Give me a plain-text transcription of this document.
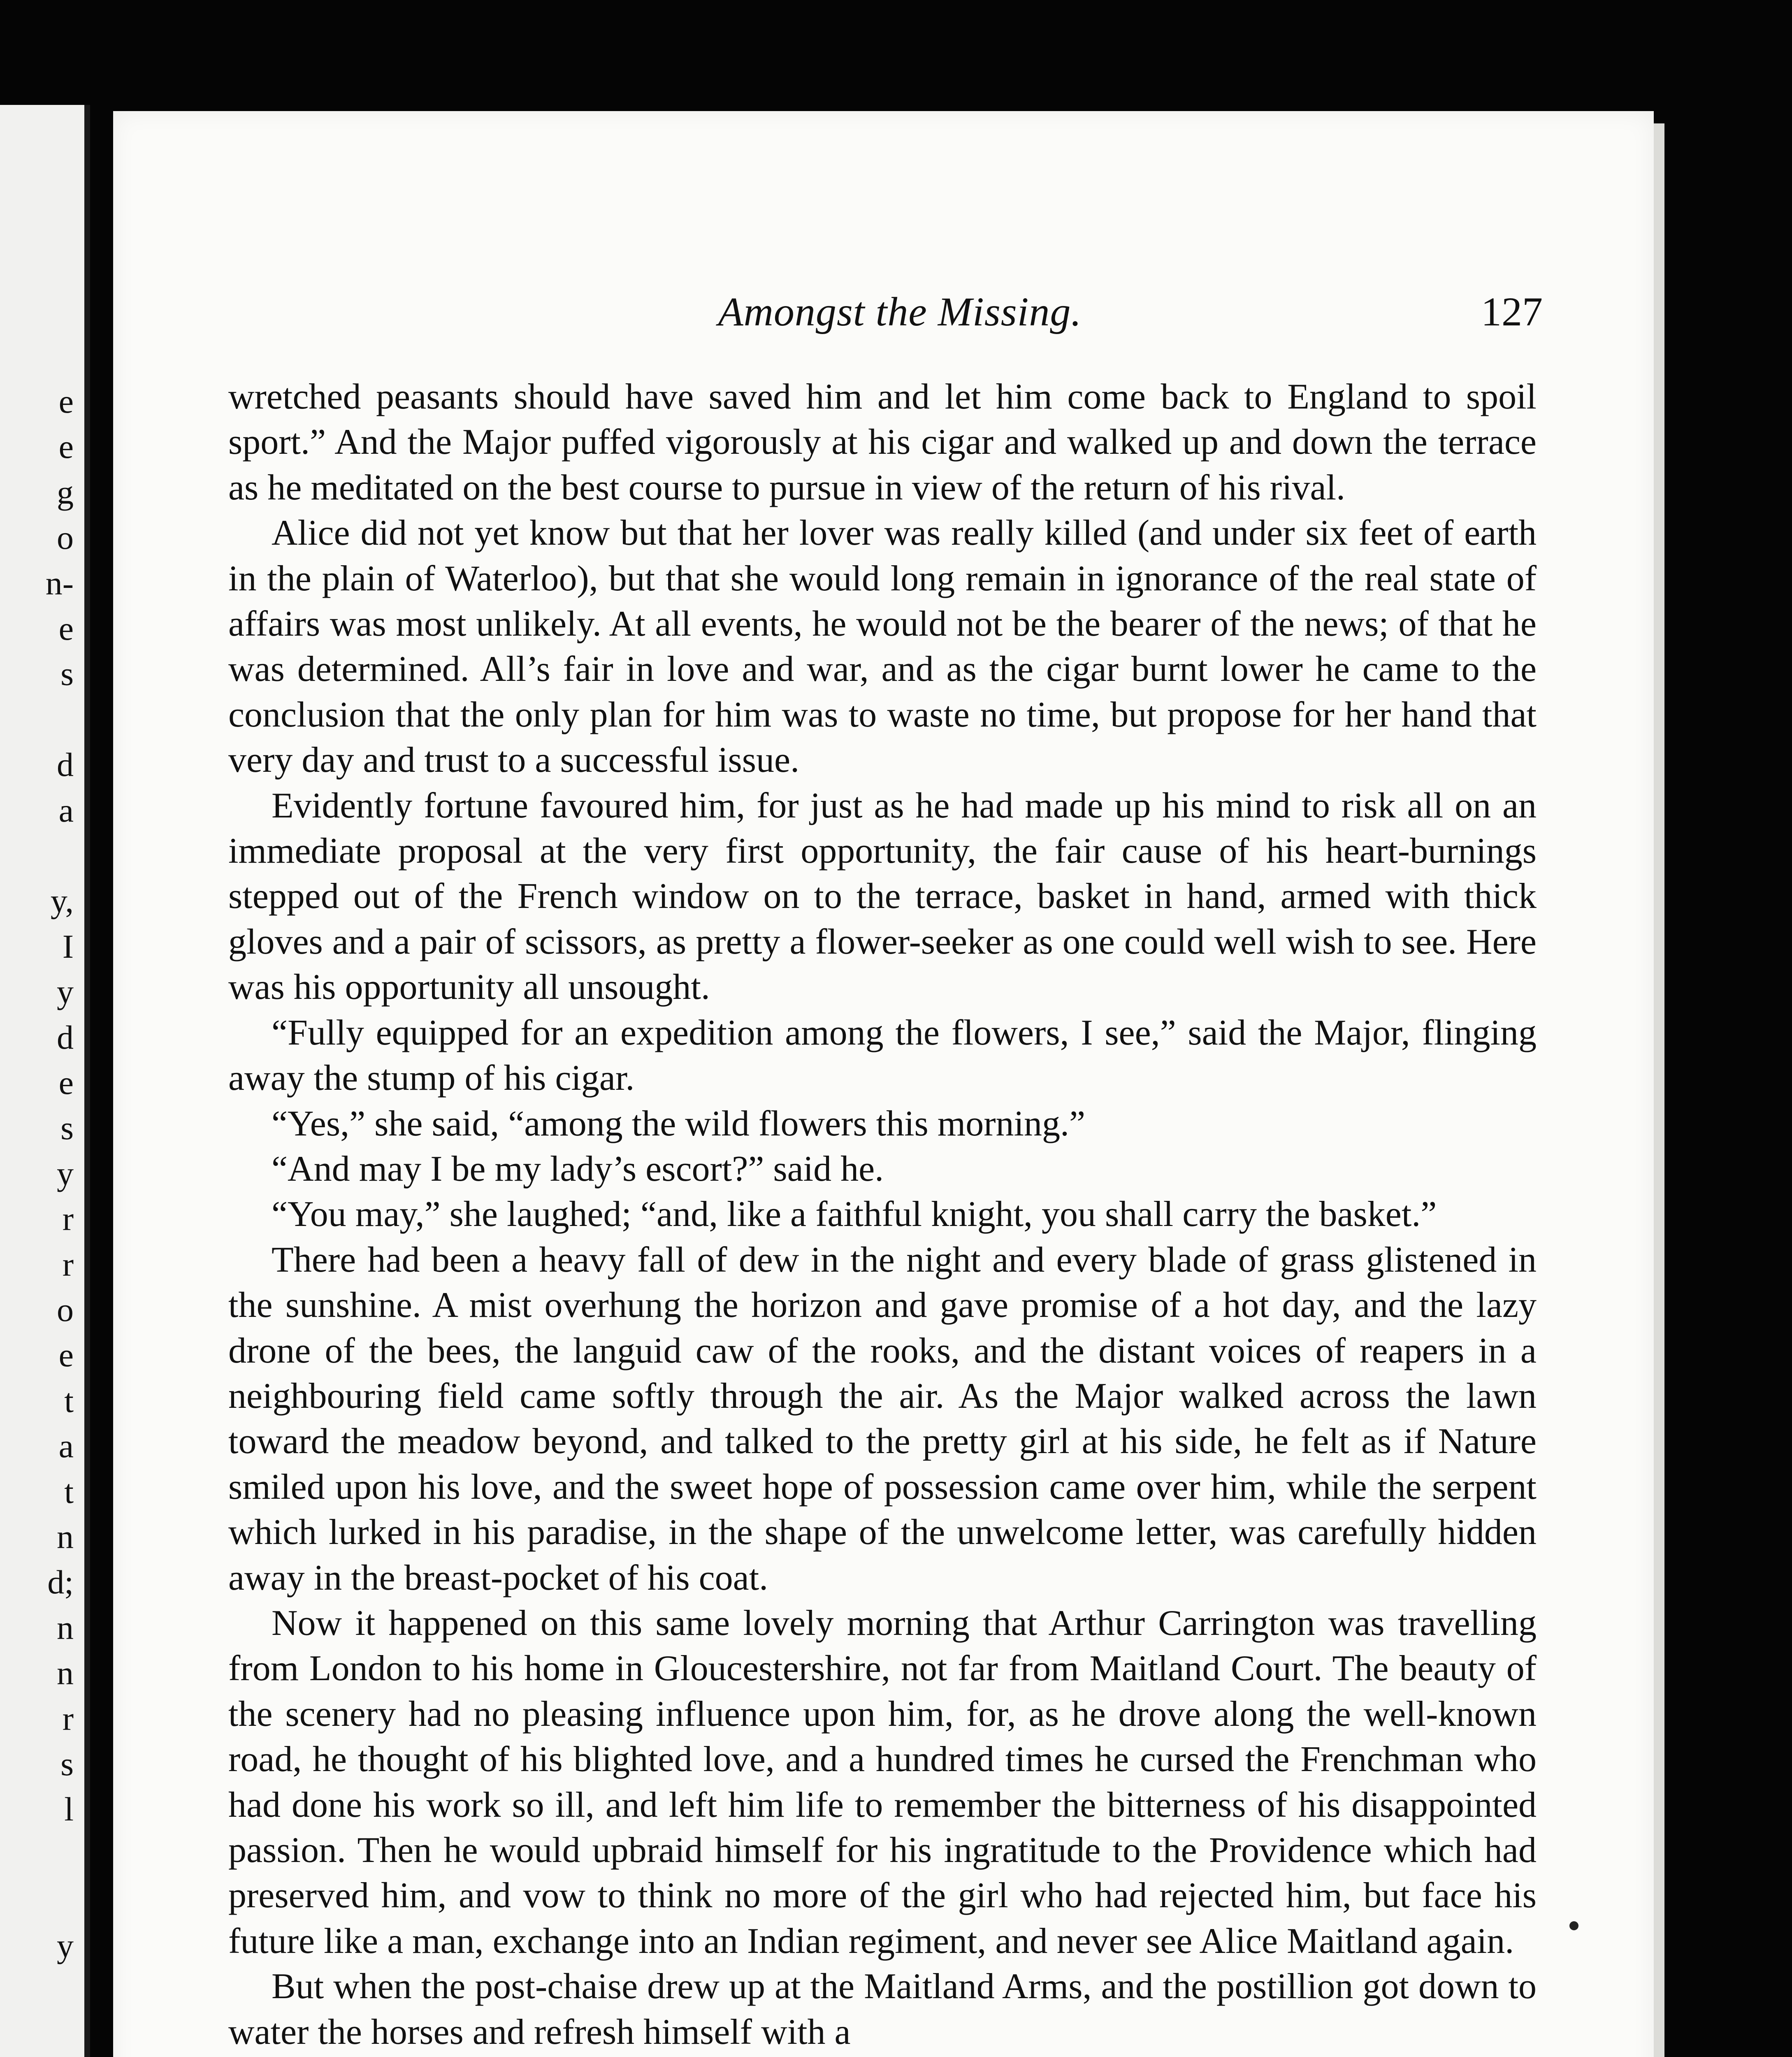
e
e
g
o
n-
e
s
d
a
y,
I
y
d
e
s
y
r
r
o
e
t
a
t
n
d;
n
n
r
s
l
y
Amongst the Missing.	127

wretched peasants should have saved him and let him come back to England to spoil sport.” And the Major puffed vigorously at his cigar and walked up and down the terrace as he meditated on the best course to pursue in view of the return of his rival.

Alice did not yet know but that her lover was really killed (and under six feet of earth in the plain of Waterloo), but that she would long remain in ignorance of the real state of affairs was most unlikely. At all events, he would not be the bearer of the news; of that he was determined. All’s fair in love and war, and as the cigar burnt lower he came to the conclusion that the only plan for him was to waste no time, but propose for her hand that very day and trust to a successful issue.

Evidently fortune favoured him, for just as he had made up his mind to risk all on an immediate proposal at the very first opportunity, the fair cause of his heart-burnings stepped out of the French window on to the terrace, basket in hand, armed with thick gloves and a pair of scissors, as pretty a flower-seeker as one could well wish to see. Here was his opportunity all unsought.

“Fully equipped for an expedition among the flowers, I see,” said the Major, flinging away the stump of his cigar.

“Yes,” she said, “among the wild flowers this morning.”

“And may I be my lady’s escort?” said he.

“You may,” she laughed; “and, like a faithful knight, you shall carry the basket.”

There had been a heavy fall of dew in the night and every blade of grass glistened in the sunshine. A mist overhung the horizon and gave promise of a hot day, and the lazy drone of the bees, the languid caw of the rooks, and the distant voices of reapers in a neighbouring field came softly through the air. As the Major walked across the lawn toward the meadow beyond, and talked to the pretty girl at his side, he felt as if Nature smiled upon his love, and the sweet hope of possession came over him, while the serpent which lurked in his paradise, in the shape of the unwelcome letter, was carefully hidden away in the breast-pocket of his coat.

Now it happened on this same lovely morning that Arthur Carrington was travelling from London to his home in Gloucestershire, not far from Maitland Court. The beauty of the scenery had no pleasing influence upon him, for, as he drove along the well-known road, he thought of his blighted love, and a hundred times he cursed the Frenchman who had done his work so ill, and left him life to remember the bitterness of his disappointed passion. Then he would upbraid himself for his ingratitude to the Providence which had preserved him, and vow to think no more of the girl who had rejected him, but face his future like a man, exchange into an Indian regiment, and never see Alice Maitland again.

But when the post-chaise drew up at the Maitland Arms, and the postillion got down to water the horses and refresh himself with a
